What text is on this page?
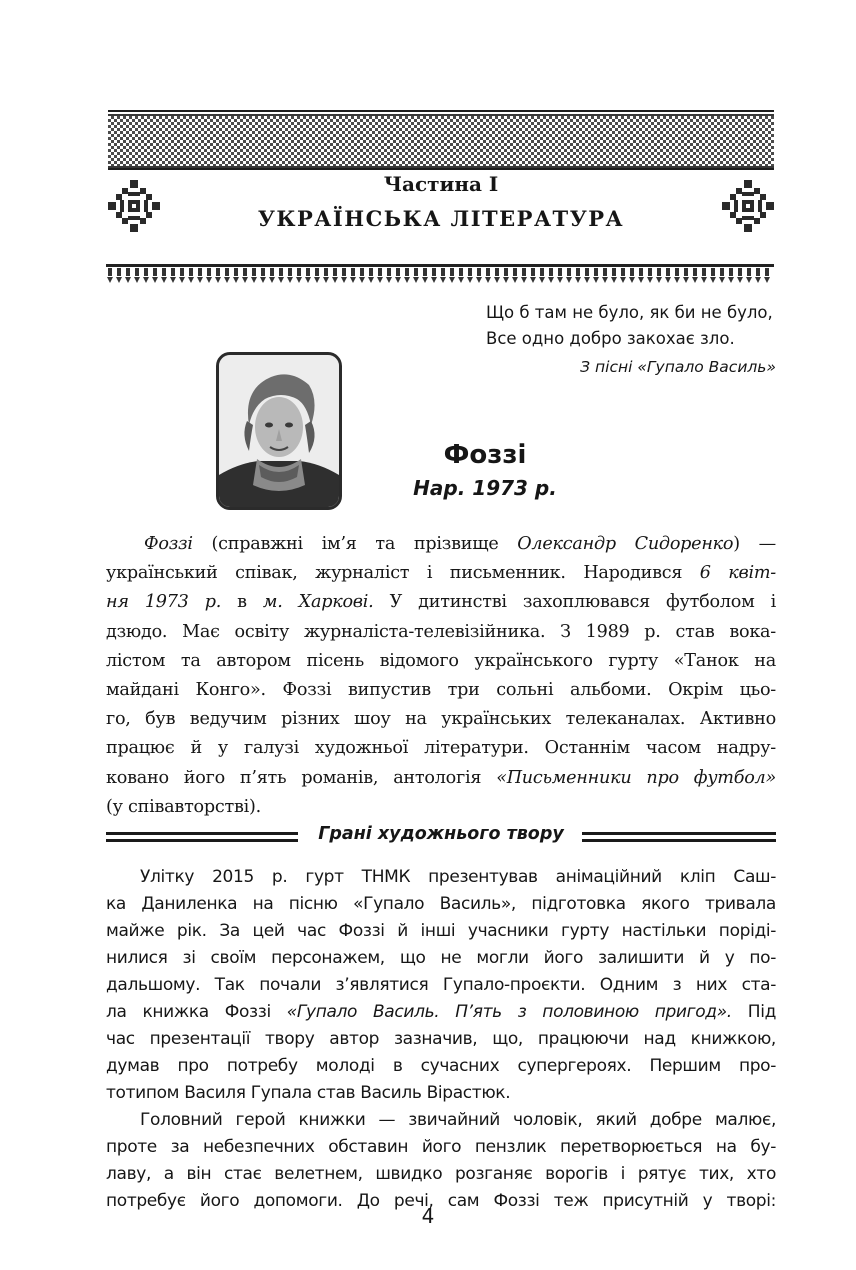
Частина I
УКРАЇНСЬКА ЛІТЕРАТУРА
Що б там не було, як би не було,
Все одно добро закохає зло.
З пісні «Гупало Василь»
Фоззі
Нар. 1973 р.
Фоззі (справжні ім’я та прізвище Олександр Сидоренко) —
український співак, журналіст і письменник. Народився 6 квіт-
ня 1973 р. в м. Харкові. У дитинстві захоплювався футболом і
дзюдо. Має освіту журналіста-телевізійника. З 1989 р. став вока-
лістом та автором пісень відомого українського гурту «Танок на
майдані Конго». Фоззі випустив три сольні альбоми. Окрім цьо-
го, був ведучим різних шоу на українських телеканалах. Активно
працює й у галузі художньої літератури. Останнім часом надру-
ковано його п’ять романів, антологія «Письменники про футбол»
(у співавторстві).
Грані художнього твору
Улітку 2015 р. гурт ТНМК презентував анімаційний кліп Саш-
ка Даниленка на пісню «Гупало Василь», підготовка якого тривала
майже рік. За цей час Фоззі й інші учасники гурту настільки поріді-
нилися зі своїм персонажем, що не могли його залишити й у по-
дальшому. Так почали з’являтися Гупало-проєкти. Одним з них ста-
ла книжка Фоззі «Гупало Василь. П’ять з половиною пригод». Під
час презентації твору автор зазначив, що, працюючи над книжкою,
думав про потребу молоді в сучасних супергероях. Першим про-
тотипом Василя Гупала став Василь Вірастюк.
Головний герой книжки — звичайний чоловік, який добре малює,
проте за небезпечних обставин його пензлик перетворюється на бу-
лаву, а він стає велетнем, швидко розганяє ворогів і рятує тих, хто
потребує його допомоги. До речі, сам Фоззі теж присутній у творі:
4
